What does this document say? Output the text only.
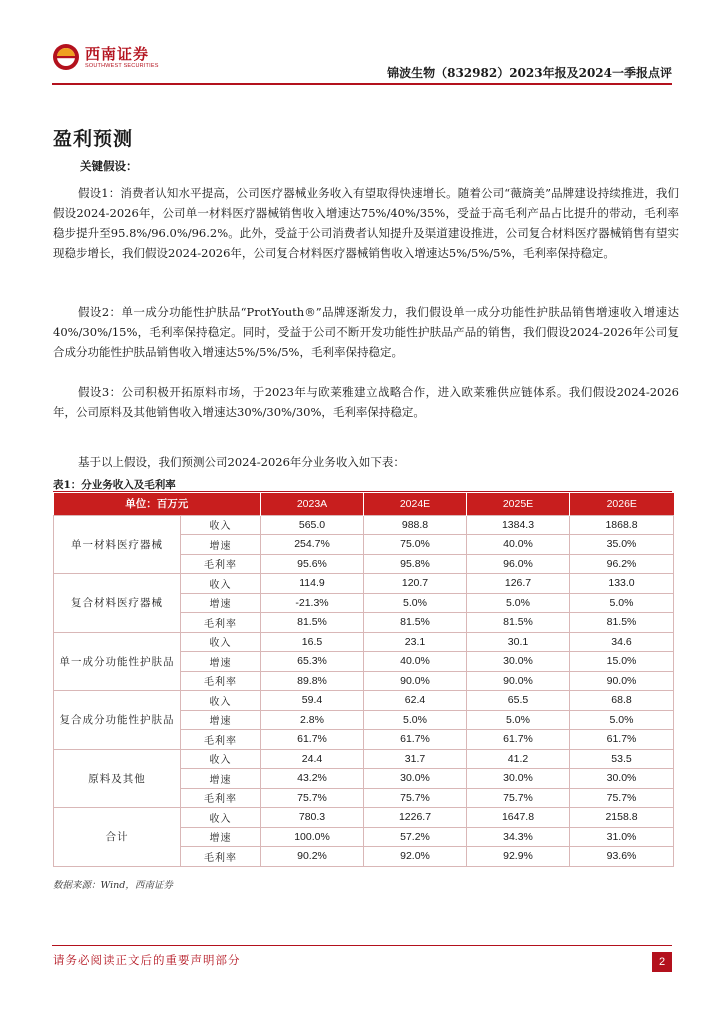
西南证券
SOUTHWEST SECURITIES	锦波生物（832982）2023年报及2024一季报点评
盈利预测
关键假设：

假设1：消费者认知水平提高，公司医疗器械业务收入有望取得快速增长。随着公司“薇旖美”品牌建设持续推进，我们假设2024-2026年，公司单一材料医疗器械销售收入增速达75%/40%/35%，受益于高毛利产品占比提升的带动，毛利率稳步提升至95.8%/96.0%/96.2%。此外，受益于公司消费者认知提升及渠道建设推进，公司复合材料医疗器械销售有望实现稳步增长，我们假设2024-2026年，公司复合材料医疗器械销售收入增速达5%/5%/5%，毛利率保持稳定。

假设2：单一成分功能性护肤品“ProtYouth®”品牌逐渐发力，我们假设单一成分功能性护肤品销售增速收入增速达40%/30%/15%，毛利率保持稳定。同时，受益于公司不断开发功能性护肤品产品的销售，我们假设2024-2026年公司复合成分功能性护肤品销售收入增速达5%/5%/5%，毛利率保持稳定。

假设3：公司积极开拓原料市场，于2023年与欧莱雅建立战略合作，进入欧莱雅供应链体系。我们假设2024-2026年，公司原料及其他销售收入增速达30%/30%/30%，毛利率保持稳定。

基于以上假设，我们预测公司2024-2026年分业务收入如下表：

表1：分业务收入及毛利率
单位：百万元		2023A	2024E	2025E	2026E
单一材料医疗器械	收入	565.0	988.8	1384.3	1868.8
	增速	254.7%	75.0%	40.0%	35.0%
	毛利率	95.6%	95.8%	96.0%	96.2%
复合材料医疗器械	收入	114.9	120.7	126.7	133.0
	增速	-21.3%	5.0%	5.0%	5.0%
	毛利率	81.5%	81.5%	81.5%	81.5%
单一成分功能性护肤品	收入	16.5	23.1	30.1	34.6
	增速	65.3%	40.0%	30.0%	15.0%
	毛利率	89.8%	90.0%	90.0%	90.0%
复合成分功能性护肤品	收入	59.4	62.4	65.5	68.8
	增速	2.8%	5.0%	5.0%	5.0%
	毛利率	61.7%	61.7%	61.7%	61.7%
原料及其他	收入	24.4	31.7	41.2	53.5
	增速	43.2%	30.0%	30.0%	30.0%
	毛利率	75.7%	75.7%	75.7%	75.7%
合计	收入	780.3	1226.7	1647.8	2158.8
	增速	100.0%	57.2%	34.3%	31.0%
	毛利率	90.2%	92.0%	92.9%	93.6%
数据来源：Wind，西南证券
请务必阅读正文后的重要声明部分	2
